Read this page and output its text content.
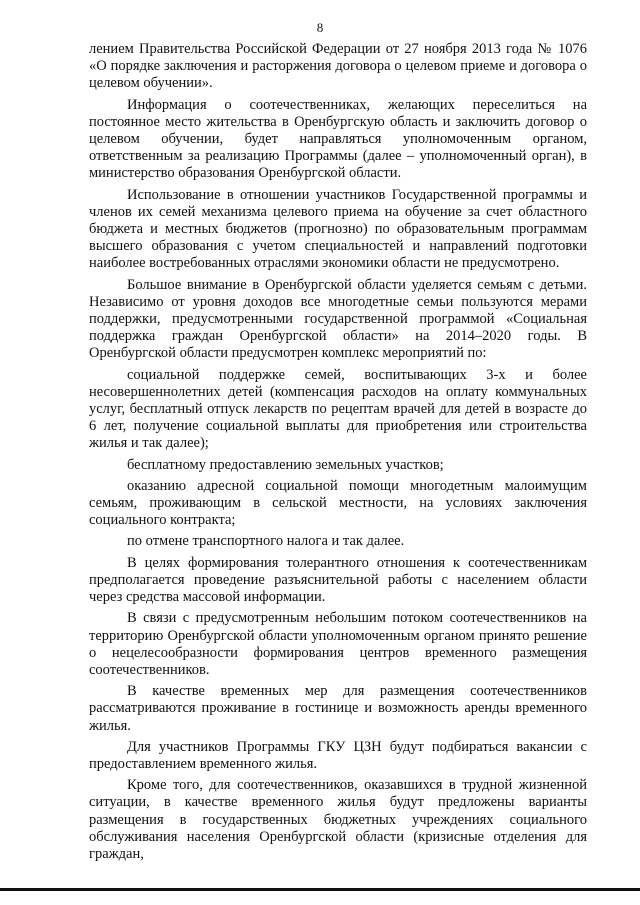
8

лением Правительства Российской Федерации от 27 ноября 2013 года № 1076 «О порядке заключения и расторжения договора о целевом приеме и договора о целевом обучении».

Информация о соотечественниках, желающих переселиться на постоянное место жительства в Оренбургскую область и заключить договор о целевом обучении, будет направляться уполномоченным органом, ответственным за реализацию Программы (далее – уполномоченный орган), в министерство образования Оренбургской области.

Использование в отношении участников Государственной программы и членов их семей механизма целевого приема на обучение за счет областного бюджета и местных бюджетов (прогнозно) по образовательным программам высшего образования с учетом специальностей и направлений подготовки наиболее востребованных отраслями экономики области не предусмотрено.

Большое внимание в Оренбургской области уделяется семьям с детьми. Независимо от уровня доходов все многодетные семьи пользуются мерами поддержки, предусмотренными государственной программой «Социальная поддержка граждан Оренбургской области» на 2014–2020 годы. В Оренбургской области предусмотрен комплекс мероприятий по:

социальной поддержке семей, воспитывающих 3-х и более несовершеннолетних детей (компенсация расходов на оплату коммунальных услуг, бесплатный отпуск лекарств по рецептам врачей для детей в возрасте до 6 лет, получение социальной выплаты для приобретения или строительства жилья и так далее);

бесплатному предоставлению земельных участков;

оказанию адресной социальной помощи многодетным малоимущим семьям, проживающим в сельской местности, на условиях заключения социального контракта;

по отмене транспортного налога и так далее.

В целях формирования толерантного отношения к соотечественникам предполагается проведение разъяснительной работы с населением области через средства массовой информации.

В связи с предусмотренным небольшим потоком соотечественников на территорию Оренбургской области уполномоченным органом принято решение о нецелесообразности формирования центров временного размещения соотечественников.

В качестве временных мер для размещения соотечественников рассматриваются проживание в гостинице и возможность аренды временного жилья.

Для участников Программы ГКУ ЦЗН будут подбираться вакансии с предоставлением временного жилья.

Кроме того, для соотечественников, оказавшихся в трудной жизненной ситуации, в качестве временного жилья будут предложены варианты размещения в государственных бюджетных учреждениях социального обслуживания населения Оренбургской области (кризисные отделения для граждан,
